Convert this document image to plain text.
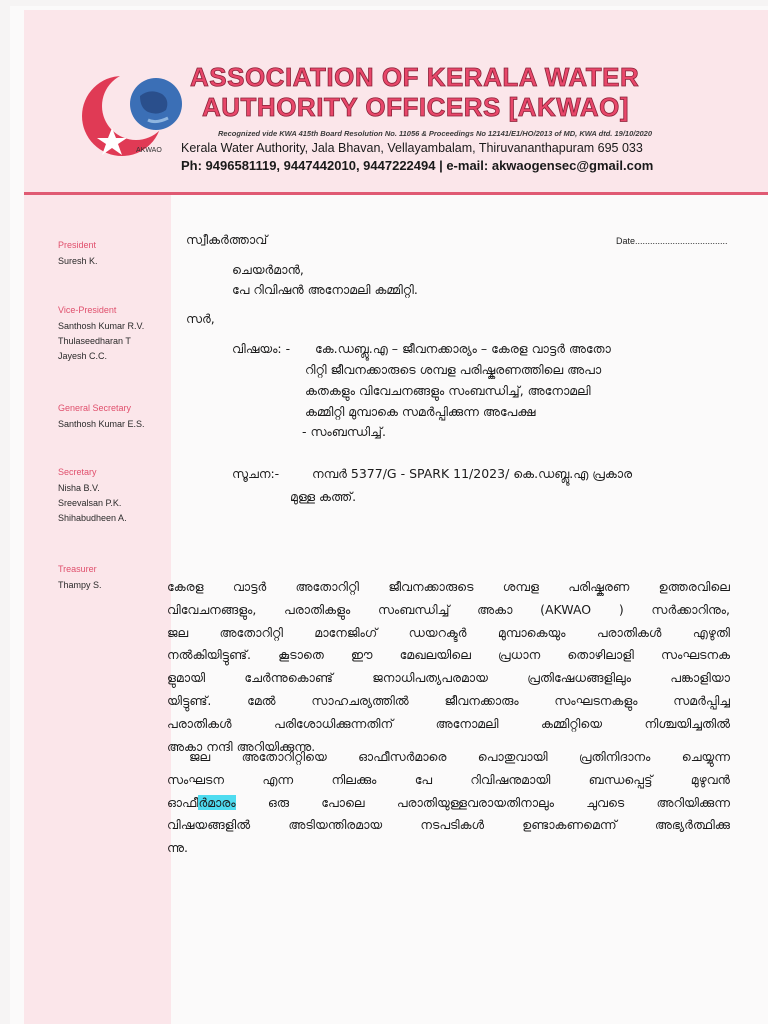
AKWAO
ASSOCIATION OF KERALA WATER
AUTHORITY OFFICERS [AKWAO]
Recognized vide KWA 415th Board Resolution No. 11056 & Proceedings No 12141/E1/HO/2013 of MD, KWA dtd. 19/10/2020
Kerala Water Authority, Jala Bhavan, Vellayambalam, Thiruvananthapuram 695 033
Ph: 9496581119, 9447442010, 9447222494 | e-mail: akwaogensec@gmail.com
President
Suresh K.
Vice-President
Santhosh Kumar R.V.
Thulaseedharan T
Jayesh C.C.
General Secretary
Santhosh Kumar E.S.
Secretary
Nisha B.V.
Sreevalsan P.K.
Shihabudheen A.
Treasurer
Thampy S.
സ്വീകർത്താവ്	Date.....................................
ചെയർമാൻ,
പേ റിവിഷൻ അനോമലി കമ്മിറ്റി.
സർ,
വിഷയം: - കേ.ഡബ്ലൂ.എ – ജീവനക്കാര്യം – കേരള വാട്ടർ അതോ
റിറ്റി ജീവനക്കാരുടെ ശമ്പള പരിഷ്കരണത്തിലെ അപാ
കതകളും വിവേചനങ്ങളും സംബന്ധിച്ച്, അനോമലി
കമ്മിറ്റി മുമ്പാകെ സമർപ്പിക്കുന്ന അപേക്ഷ
- സംബന്ധിച്ച്.
സൂചന:-	നമ്പർ 5377/G - SPARK 11/2023/ കെ.ഡബ്ലൂ.എ പ്രകാര
മുള്ള കത്ത്.
കേരള വാട്ടർ അതോറിറ്റി ജീവനക്കാരുടെ ശമ്പള പരിഷ്കരണ ഉത്തരവിലെ
വിവേചനങ്ങളും, പരാതികളും സംബന്ധിച്ച് അകാ (AKWAO ) സർക്കാറിനും,
ജല അതോറിറ്റി മാനേജിംഗ് ഡയറക്ടർ മുമ്പാകെയും പരാതികൾ എഴുതി
നൽകിയിട്ടുണ്ട്. കൂടാതെ ഈ മേഖലയിലെ പ്രധാന തൊഴിലാളി സംഘടനക
ളുമായി ചേർന്നുകൊണ്ട് ജനാധിപത്യപരമായ പ്രതിഷേധങ്ങളിലും പങ്കാളിയാ
യിട്ടുണ്ട്. മേൽ സാഹചര്യത്തിൽ ജീവനക്കാരും സംഘടനകളും സമർപ്പിച്ച
പരാതികൾ പരിശോധിക്കുന്നതിന് അനോമലി കമ്മിറ്റിയെ നിശ്ചയിച്ചതിൽ
അകാ നന്ദി അറിയിക്കുന്നു.
ജല അതോറിറ്റിയെ ഓഫീസർമാരെ പൊതുവായി പ്രതിനിദാനം ചെയ്യുന്ന
സംഘടന എന്ന നിലക്കും പേ റിവിഷനുമായി ബന്ധപ്പെട്ട് മുഴുവൻ
ഓഫീർമാരം ഒരു പോലെ പരാതിയുള്ളവരായതിനാലും ചുവടെ അറിയിക്കുന്ന
വിഷയങ്ങളിൽ അടിയന്തിരമായ നടപടികൾ ഉണ്ടാകണമെന്ന് അഭ്യർത്ഥിക്കു
ന്നു.
